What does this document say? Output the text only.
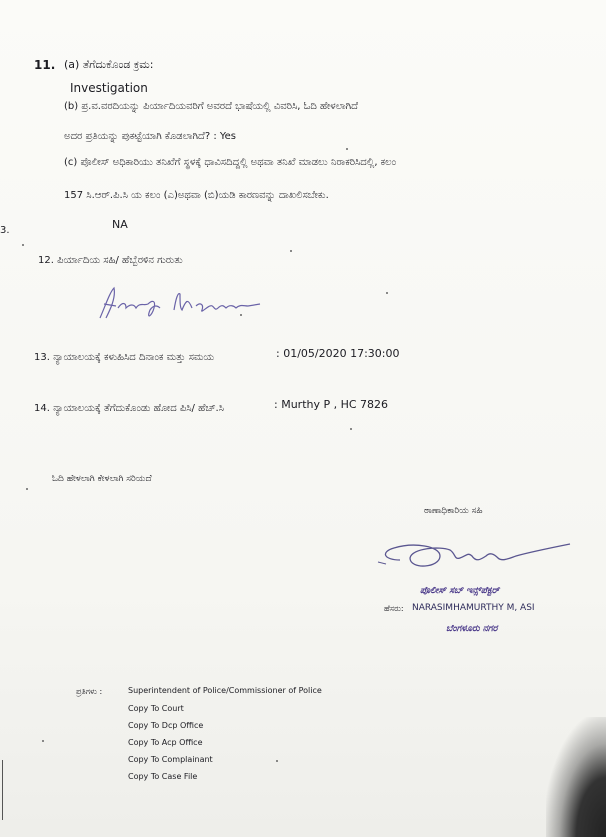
11. (a) ತೆಗೆದುಕೊಂಡ ಕ್ರಮ:
Investigation
(b) ಪ್ರ.ವ.ವರದಿಯನ್ನು ಪಿರ್ಯಾದಿಯವರಿಗೆ ಅವರದೆ ಭಾಷೆಯಲ್ಲಿ ವಿವರಿಸಿ, ಓದಿ ಹೇಳಲಾಗಿದೆ
ಅದರ ಪ್ರತಿಯನ್ನು ಪುಕಟ್ಟೆಯಾಗಿ ಕೊಡಲಾಗಿದೆ? : Yes
(c) ಪೊಲೀಸ್ ಅಧಿಕಾರಿಯು ತನಿಖೆಗೆ ಸ್ಥಳಕ್ಕೆ ಧಾವಿಸದಿದ್ದಲ್ಲಿ ಅಥವಾ ತನಿಖೆ ಮಾಡಲು ನಿರಾಕರಿಸಿದಲ್ಲಿ, ಕಲಂ
157 ಸಿ.ಆರ್.ಪಿ.ಸಿ ಯ ಕಲಂ (ಎ)ಅಥವಾ (ಬಿ)ಯಡಿ ಕಾರಣವನ್ನು ದಾಖಲಿಸಬೇಕು.
NA
3.
12. ಪಿರ್ಯಾದಿಯ ಸಹಿ/ ಹೆಬ್ಬೆರಳಿನ ಗುರುತು
13. ನ್ಯಾಯಾಲಯಕ್ಕೆ ಕಳುಹಿಸಿದ ದಿನಾಂಕ ಮತ್ತು ಸಮಯ	: 01/05/2020 17:30:00
14. ನ್ಯಾಯಾಲಯಕ್ಕೆ ತೆಗೆದುಕೊಂಡು ಹೋದ ಪಿಸಿ/ ಹೆಚ್.ಸಿ	: Murthy P , HC 7826
ಓದಿ ಹೇಳಲಾಗಿ ಕೇಳಲಾಗಿ ಸರಿಯದೆ
ಠಾಣಾಧಿಕಾರಿಯ ಸಹಿ
ಪೊಲೀಸ್ ಸಬ್ ಇನ್ಸ್‌ಪೆಕ್ಟರ್
ಹೆಸರು: NARASIMHAMURTHY M, ASI
ಬೆಂಗಳೂರು ನಗರ
ಪ್ರತಿಗಳು :	Superintendent of Police/Commissioner of Police
Copy To Court
Copy To Dcp Office
Copy To Acp Office
Copy To Complainant
Copy To Case File
